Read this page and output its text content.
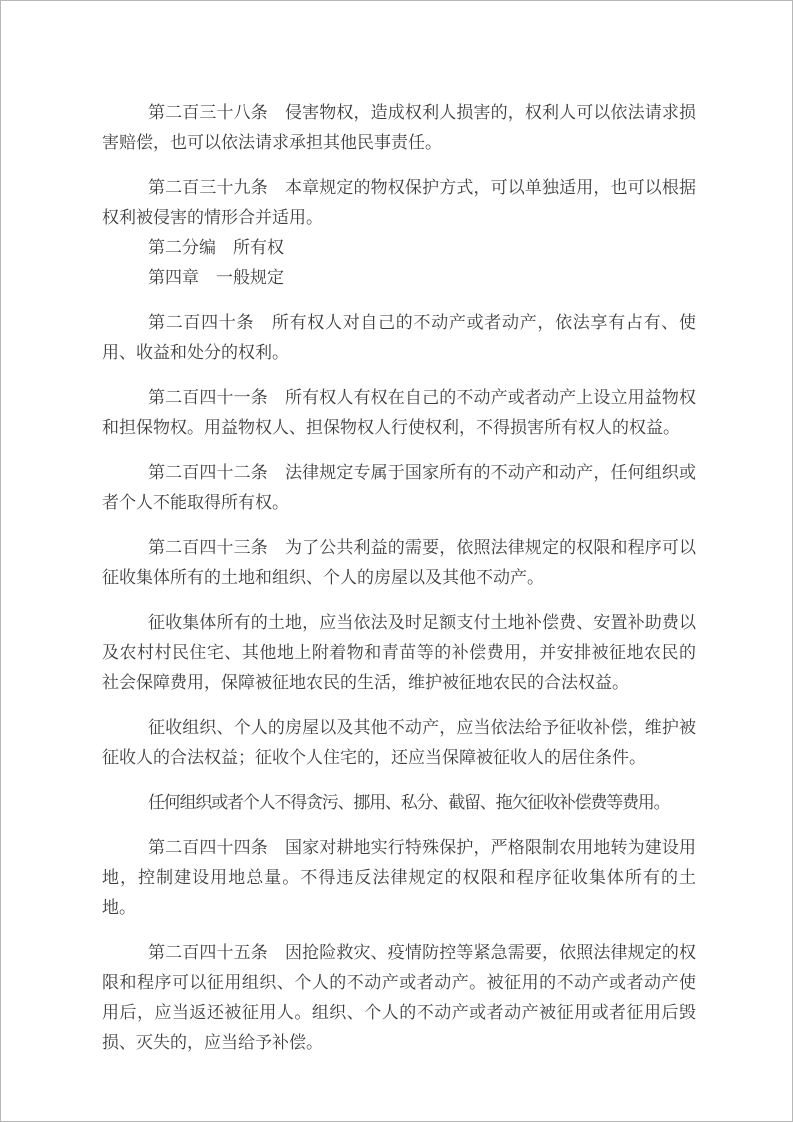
第二百三十八条　侵害物权，造成权利人损害的，权利人可以依法请求损害赔偿，也可以依法请求承担其他民事责任。

第二百三十九条　本章规定的物权保护方式，可以单独适用，也可以根据权利被侵害的情形合并适用。

第二分编　所有权

第四章　一般规定

第二百四十条　所有权人对自己的不动产或者动产，依法享有占有、使用、收益和处分的权利。

第二百四十一条　所有权人有权在自己的不动产或者动产上设立用益物权和担保物权。用益物权人、担保物权人行使权利，不得损害所有权人的权益。

第二百四十二条　法律规定专属于国家所有的不动产和动产，任何组织或者个人不能取得所有权。

第二百四十三条　为了公共利益的需要，依照法律规定的权限和程序可以征收集体所有的土地和组织、个人的房屋以及其他不动产。

征收集体所有的土地，应当依法及时足额支付土地补偿费、安置补助费以及农村村民住宅、其他地上附着物和青苗等的补偿费用，并安排被征地农民的社会保障费用，保障被征地农民的生活，维护被征地农民的合法权益。

征收组织、个人的房屋以及其他不动产，应当依法给予征收补偿，维护被征收人的合法权益；征收个人住宅的，还应当保障被征收人的居住条件。

任何组织或者个人不得贪污、挪用、私分、截留、拖欠征收补偿费等费用。

第二百四十四条　国家对耕地实行特殊保护，严格限制农用地转为建设用地，控制建设用地总量。不得违反法律规定的权限和程序征收集体所有的土地。

第二百四十五条　因抢险救灾、疫情防控等紧急需要，依照法律规定的权限和程序可以征用组织、个人的不动产或者动产。被征用的不动产或者动产使用后，应当返还被征用人。组织、个人的不动产或者动产被征用或者征用后毁损、灭失的，应当给予补偿。
